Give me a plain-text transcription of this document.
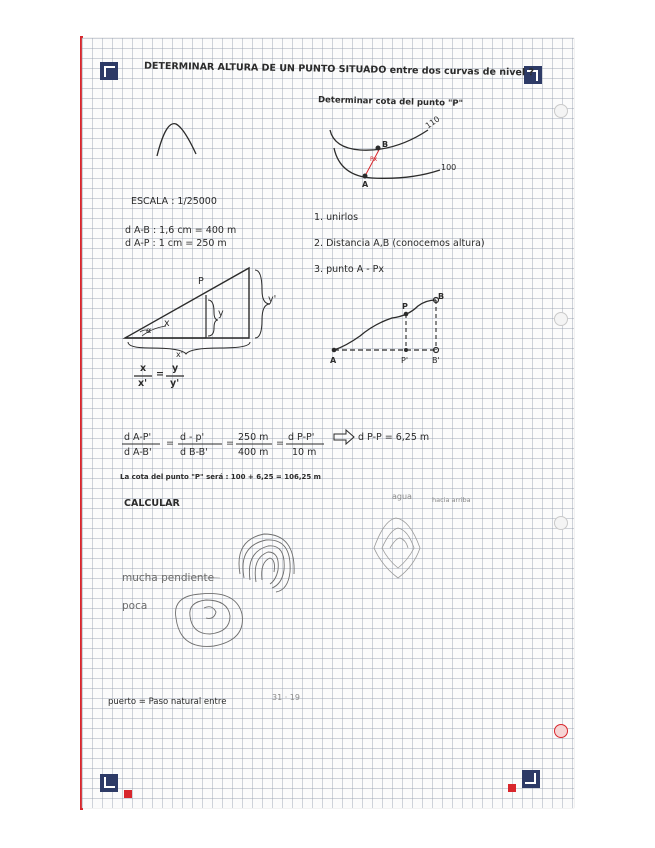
DETERMINAR ALTURA DE UN PUNTO SITUADO entre dos curvas de nivel ?
Determinar cota del punto "P"
ESCALA : 1/25000
d A-B : 1,6 cm = 400 m
d A-P : 1 cm = 250 m
1. unirlos
2. Distancia A,B (conocemos altura)
3. punto A - Px
110
100
B
A
Px
P
y
y'
x
x'
α
x
x'
=
y
y'
P
B
A	P'	B'
d A-P'
d A-B'
=
d - p'
d B-B'
=
250 m
400 m
=
d P-P'
10 m
d P-P = 6,25 m
La cota del punto "P" será : 100 + 6,25 = 106,25 m
CALCULAR
agua	hacia arriba
mucha pendiente
poca
puerto = Paso natural entre	31 · 19
